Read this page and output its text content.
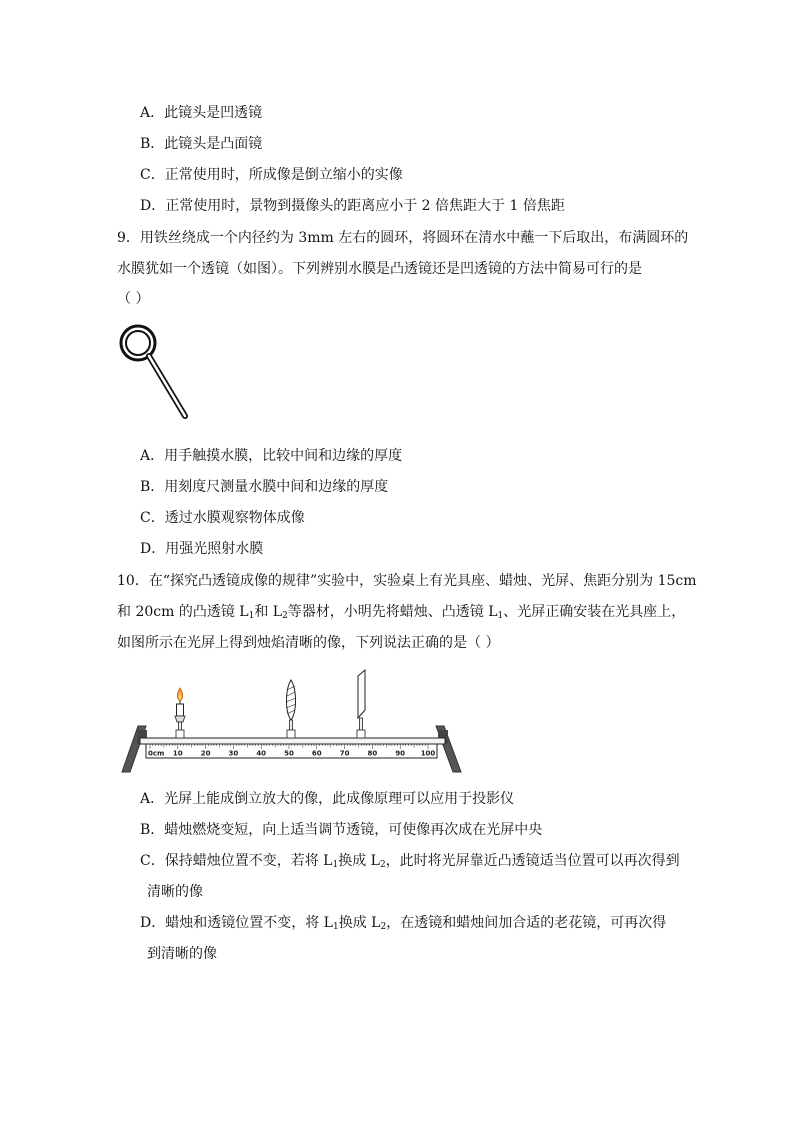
A．此镜头是凹透镜
B．此镜头是凸面镜
C．正常使用时，所成像是倒立缩小的实像
D．正常使用时，景物到摄像头的距离应小于 2 倍焦距大于 1 倍焦距
9．用铁丝绕成一个内径约为 3mm 左右的圆环，将圆环在清水中蘸一下后取出，布满圆环的
水膜犹如一个透镜（如图）。下列辨别水膜是凸透镜还是凹透镜的方法中简易可行的是
（ ）
A．用手触摸水膜，比较中间和边缘的厚度
B．用刻度尺测量水膜中间和边缘的厚度
C．透过水膜观察物体成像
D．用强光照射水膜
10．在“探究凸透镜成像的规律”实验中，实验桌上有光具座、蜡烛、光屏、焦距分别为 15cm
和 20cm 的凸透镜 $L_1$和 $L_2$等器材，小明先将蜡烛、凸透镜 $L_1$、光屏正确安装在光具座上，
如图所示在光屏上得到烛焰清晰的像，下列说法正确的是（ ）
0cm 10	20	30	40	50	60	70	80	90 100
A．光屏上能成倒立放大的像，此成像原理可以应用于投影仪
B．蜡烛燃烧变短，向上适当调节透镜，可使像再次成在光屏中央
C．保持蜡烛位置不变，若将 $L_1$换成 $L_2$，此时将光屏靠近凸透镜适当位置可以再次得到
清晰的像
D．蜡烛和透镜位置不变，将 $L_1$换成 $L_2$，在透镜和蜡烛间加合适的老花镜，可再次得
到清晰的像
